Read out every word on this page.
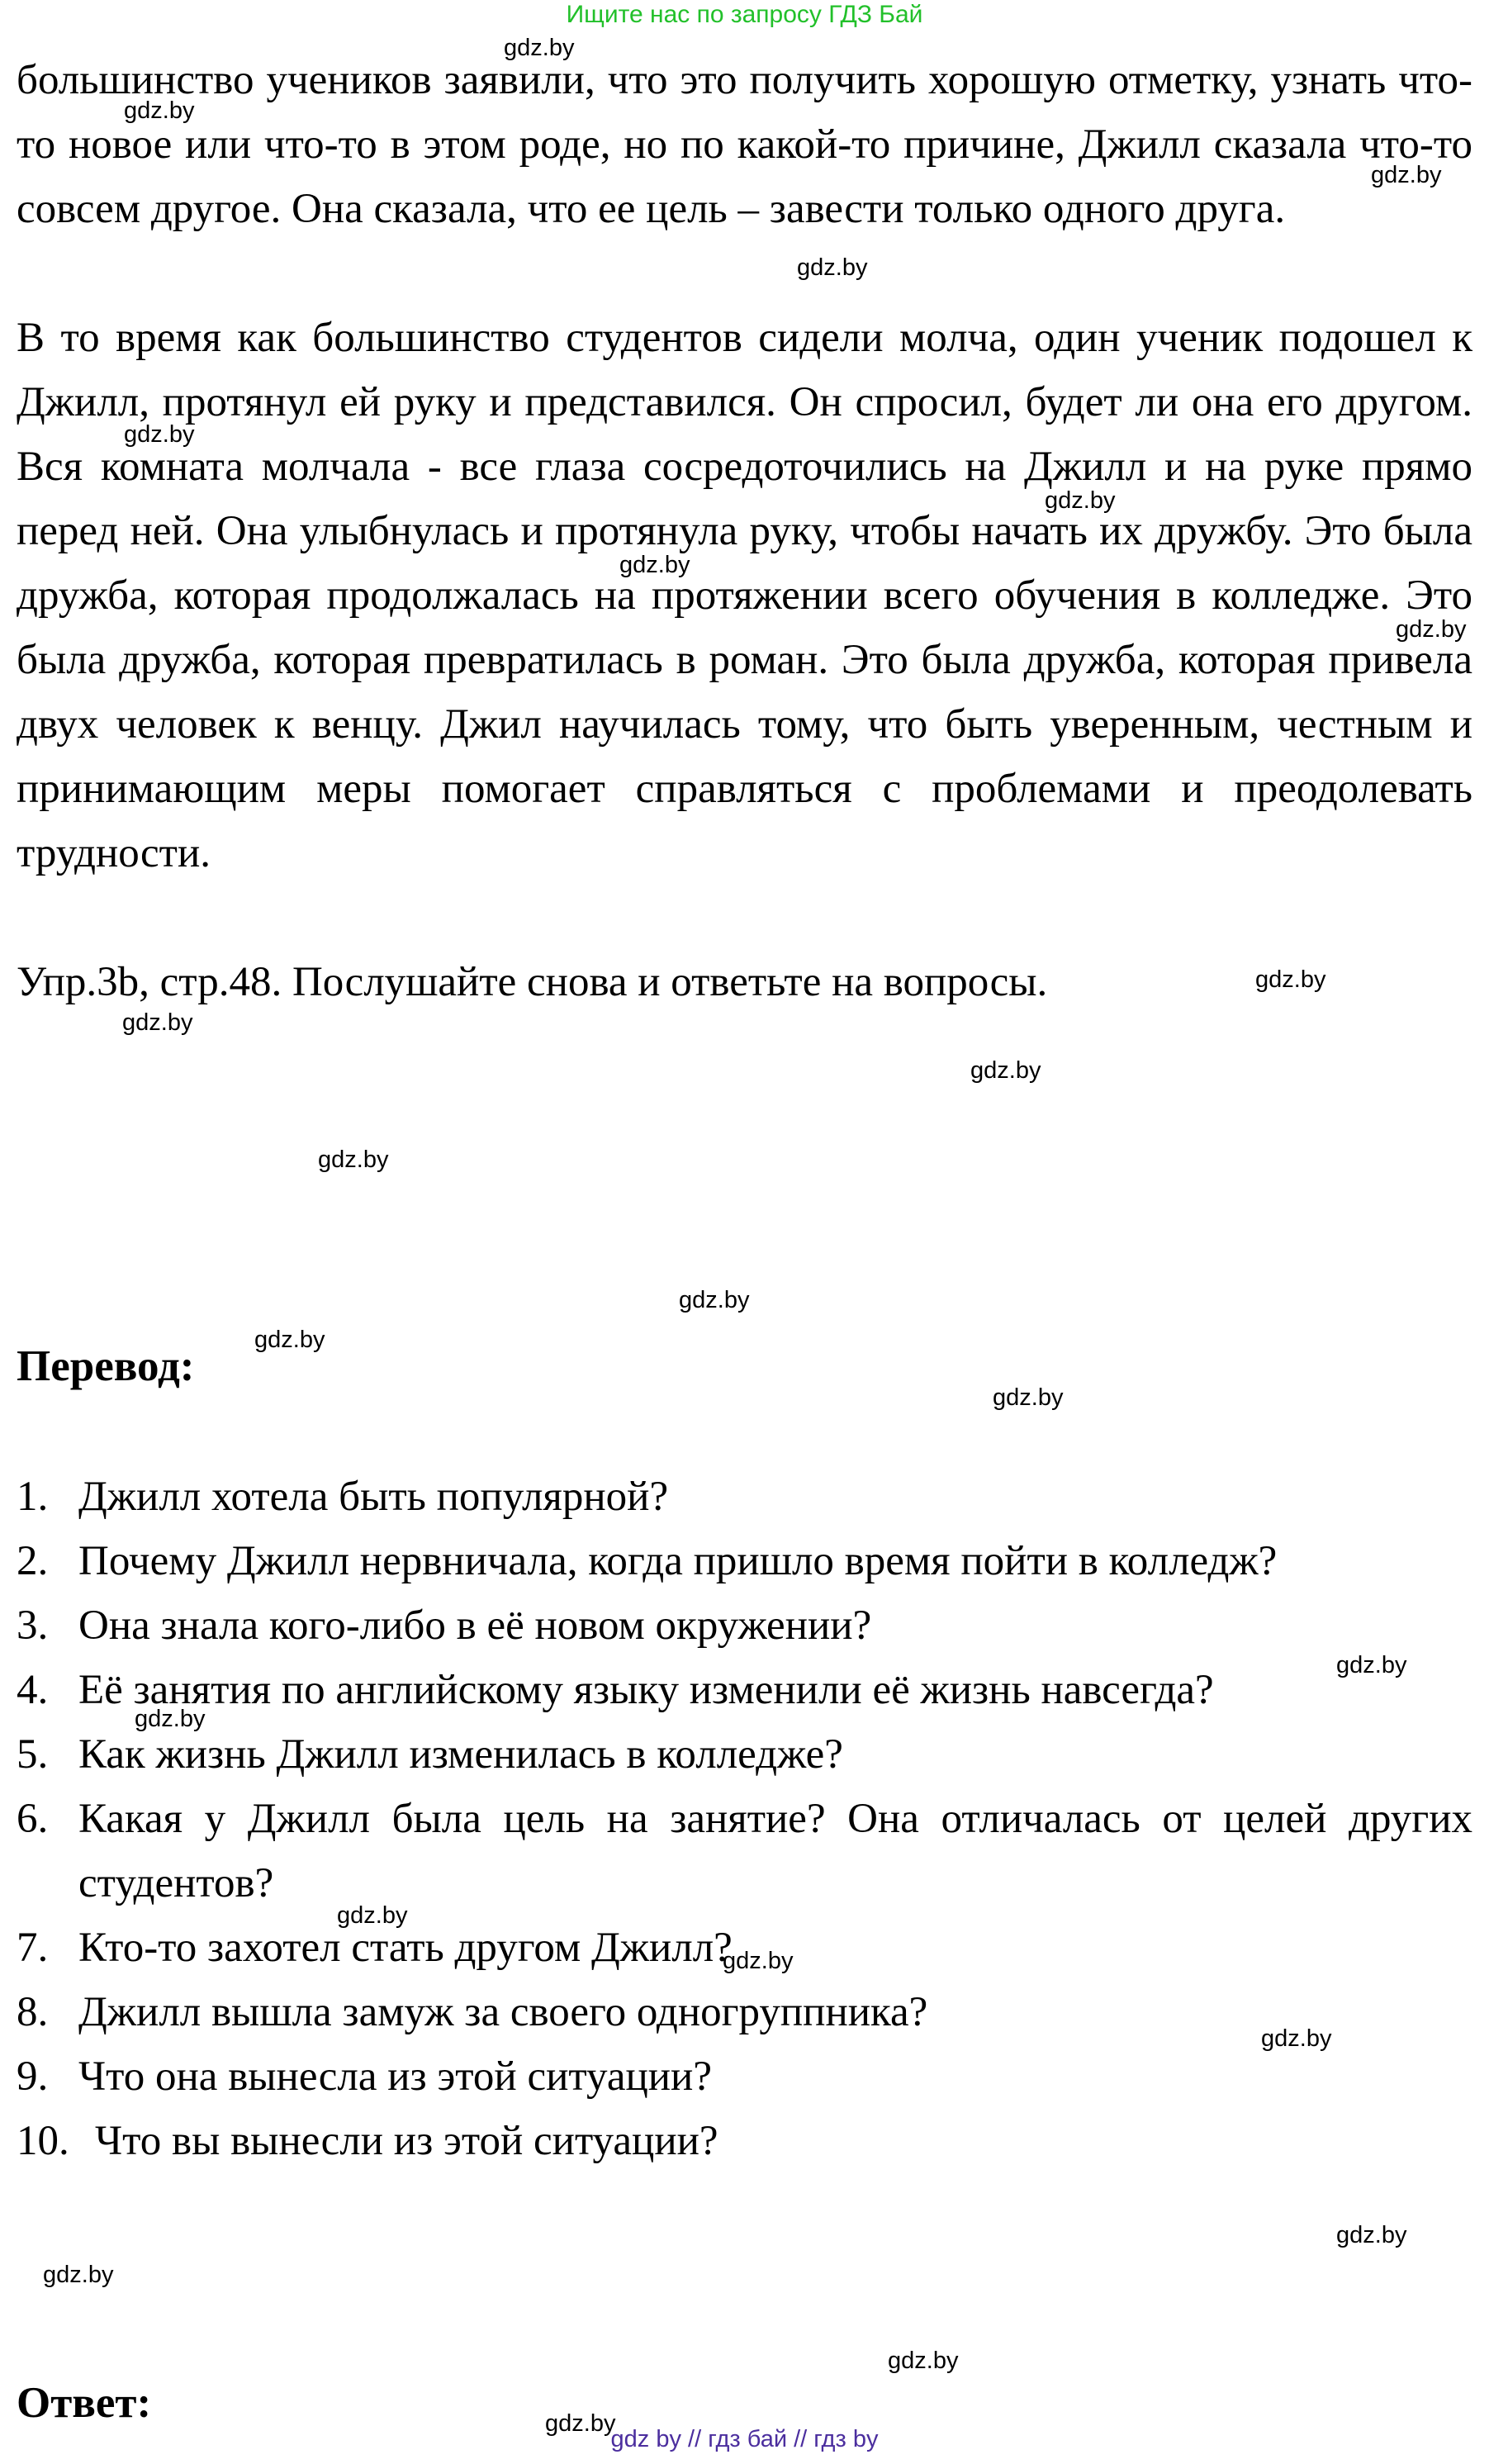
Ищите нас по запросу ГДЗ Бай
большинство учеников заявили, что это получить хорошую отметку, узнать что-то новое или что-то в этом роде, но по какой-то причине, Джилл сказала что-то совсем другое. Она сказала, что ее цель – завести только одного друга.
В то время как большинство студентов сидели молча, один ученик подошел к Джилл, протянул ей руку и представился. Он спросил, будет ли она его другом. Вся комната молчала - все глаза сосредоточились на Джилл и на руке прямо перед ней. Она улыбнулась и протянула руку, чтобы начать их дружбу. Это была дружба, которая продолжалась на протяжении всего обучения в колледже. Это была дружба, которая превратилась в роман. Это была дружба, которая привела двух человек к венцу. Джил научилась тому, что быть уверенным, честным и принимающим меры помогает справляться с проблемами и преодолевать трудности.
Упр.3b, стр.48. Послушайте снова и ответьте на вопросы.
Перевод:
1. Джилл хотела быть популярной?
2. Почему Джилл нервничала, когда пришло время пойти в колледж?
3. Она знала кого-либо в её новом окружении?
4. Её занятия по английскому языку изменили её жизнь навсегда?
5. Как жизнь Джилл изменилась в колледже?
6. Какая у Джилл была цель на занятие? Она отличалась от целей других студентов?
7. Кто-то захотел стать другом Джилл?
8. Джилл вышла замуж за своего одногруппника?
9. Что она вынесла из этой ситуации?
10. Что вы вынесли из этой ситуации?
Ответ:
gdz.by
gdz.by
gdz.by
gdz.by
gdz.by
gdz.by
gdz.by
gdz.by
gdz.by
gdz.by
gdz.by
gdz.by
gdz.by
gdz.by
gdz.by
gdz.by
gdz.by
gdz.by
gdz.by
gdz.by
gdz.by
gdz.by
gdz.by
gdz.by
gdz by // гдз бай // гдз by
